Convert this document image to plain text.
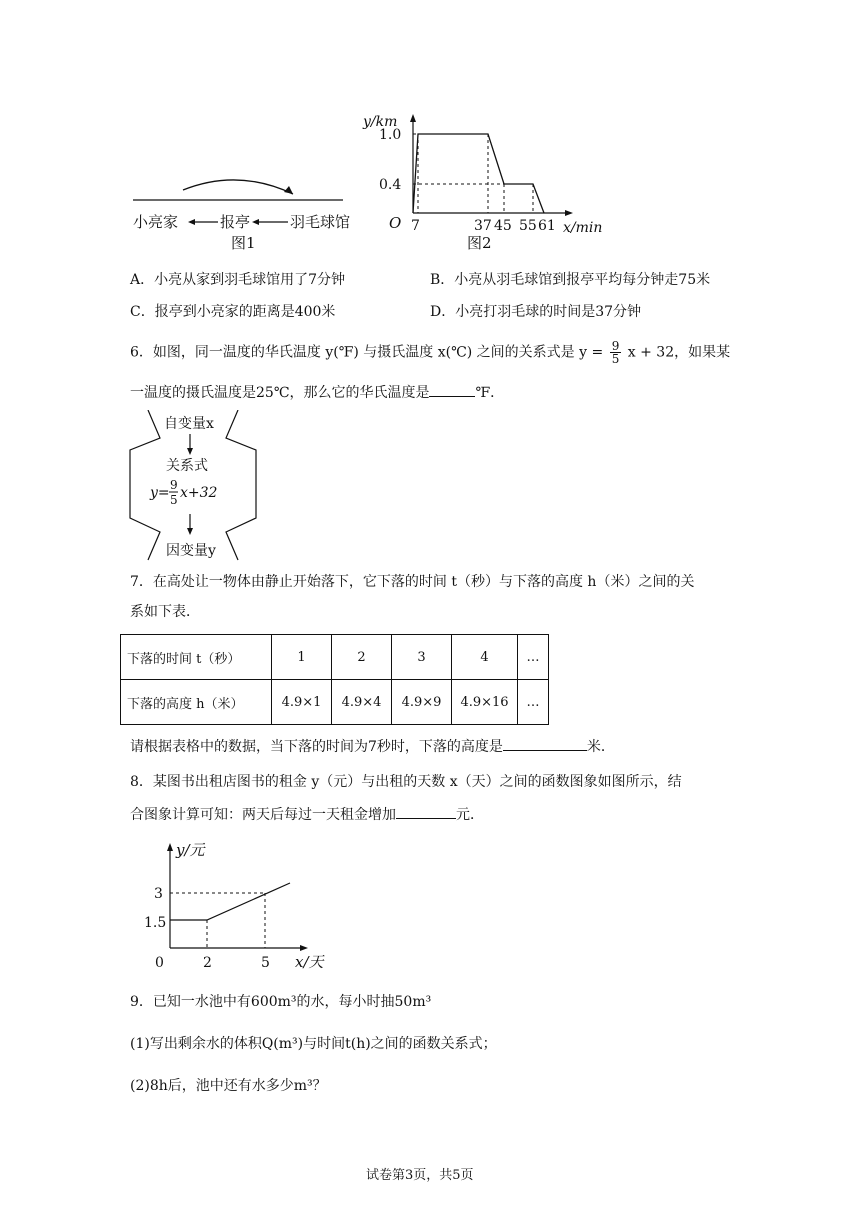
小亮家	报亭	羽毛球馆
图1
y/km
O
1.0
0.4
7	37 45 55 61 x/min
图2
A．小亮从家到羽毛球馆用了7分钟	B．小亮从羽毛球馆到报亭平均每分钟走75米
C．报亭到小亮家的距离是400米	D．小亮打羽毛球的时间是37分钟
6．如图，同一温度的华氏温度 y(℉) 与摄氏温度 x(℃) 之间的关系式是 $y = \frac{9}{5}$ x + 32，如果某
一温度的摄氏温度是25℃，那么它的华氏温度是	℉．
自变量x
关系式
y= 9
5 x+32
因变量y
7．在高处让一物体由静止开始落下，它下落的时间 t（秒）与下落的高度 h（米）之间的关
系如下表．
下落的时间 t（秒）	1	2	3	4	…
下落的高度 h（米）	4.9×1	4.9×4	4.9×9	4.9×16	…
请根据表格中的数据，当下落的时间为7秒时，下落的高度是	米．
8．某图书出租店图书的租金 y（元）与出租的天数 x（天）之间的函数图象如图所示，结
合图象计算可知：两天后每过一天租金增加	元．
y/元
0
3
1.5
2	5 x/天
9．已知一水池中有600m³的水，每小时抽50m³
(1)写出剩余水的体积Q(m³)与时间t(h)之间的函数关系式；
(2)8h后，池中还有水多少m³？
试卷第3页，共5页
